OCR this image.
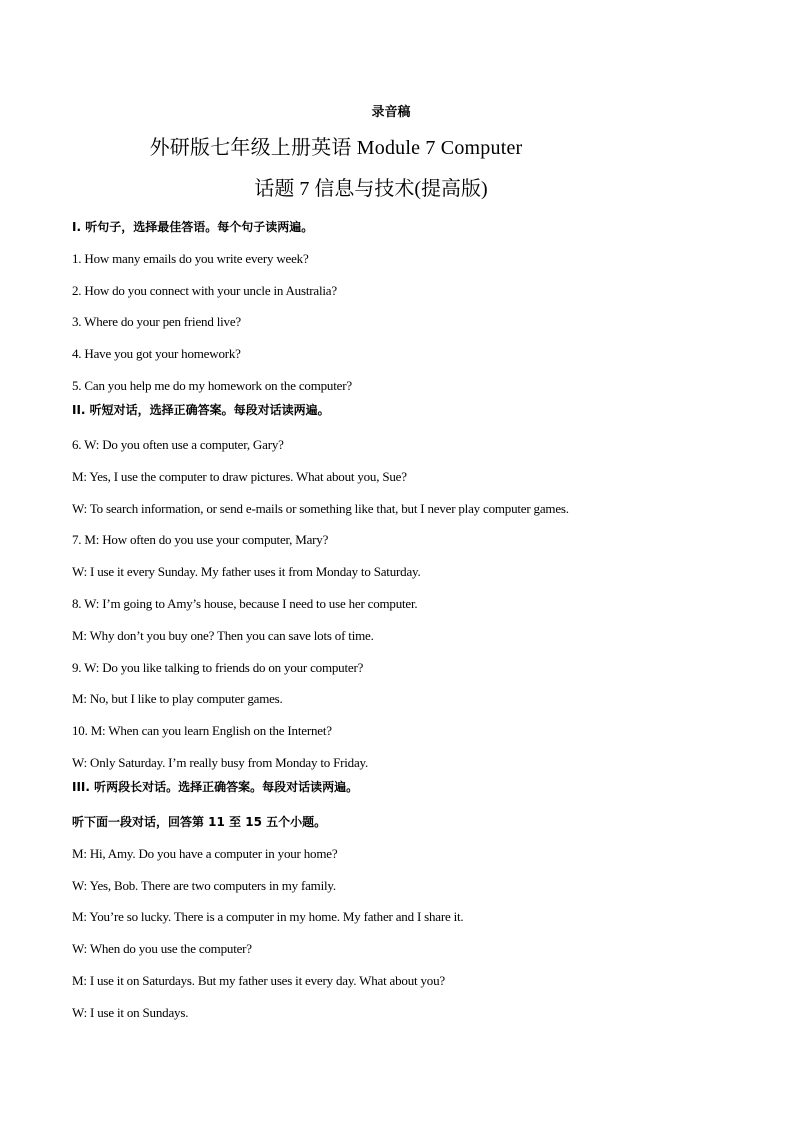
录音稿
外研版七年级上册英语 Module 7 Computer
话题 7 信息与技术(提高版)
Ⅰ. 听句子，选择最佳答语。每个句子读两遍。
1. How many emails do you write every week?
2. How do you connect with your uncle in Australia?
3. Where do your pen friend live?
4. Have you got your homework?
5. Can you help me do my homework on the computer?
II. 听短对话，选择正确答案。每段对话读两遍。
6. W: Do you often use a computer, Gary?
M: Yes, I use the computer to draw pictures. What about you, Sue?
W: To search information, or send e-mails or something like that, but I never play computer games.
7. M: How often do you use your computer, Mary?
W: I use it every Sunday. My father uses it from Monday to Saturday.
8. W: I’m going to Amy’s house, because I need to use her computer.
M: Why don’t you buy one? Then you can save lots of time.
9. W: Do you like talking to friends do on your computer?
M: No, but I like to play computer games.
10. M: When can you learn English on the Internet?
W: Only Saturday. I’m really busy from Monday to Friday.
III. 听两段长对话。选择正确答案。每段对话读两遍。
听下面一段对话，回答第 11 至 15 五个小题。
M: Hi, Amy. Do you have a computer in your home?
W: Yes, Bob. There are two computers in my family.
M: You’re so lucky. There is a computer in my home. My father and I share it.
W: When do you use the computer?
M: I use it on Saturdays. But my father uses it every day. What about you?
W: I use it on Sundays.
